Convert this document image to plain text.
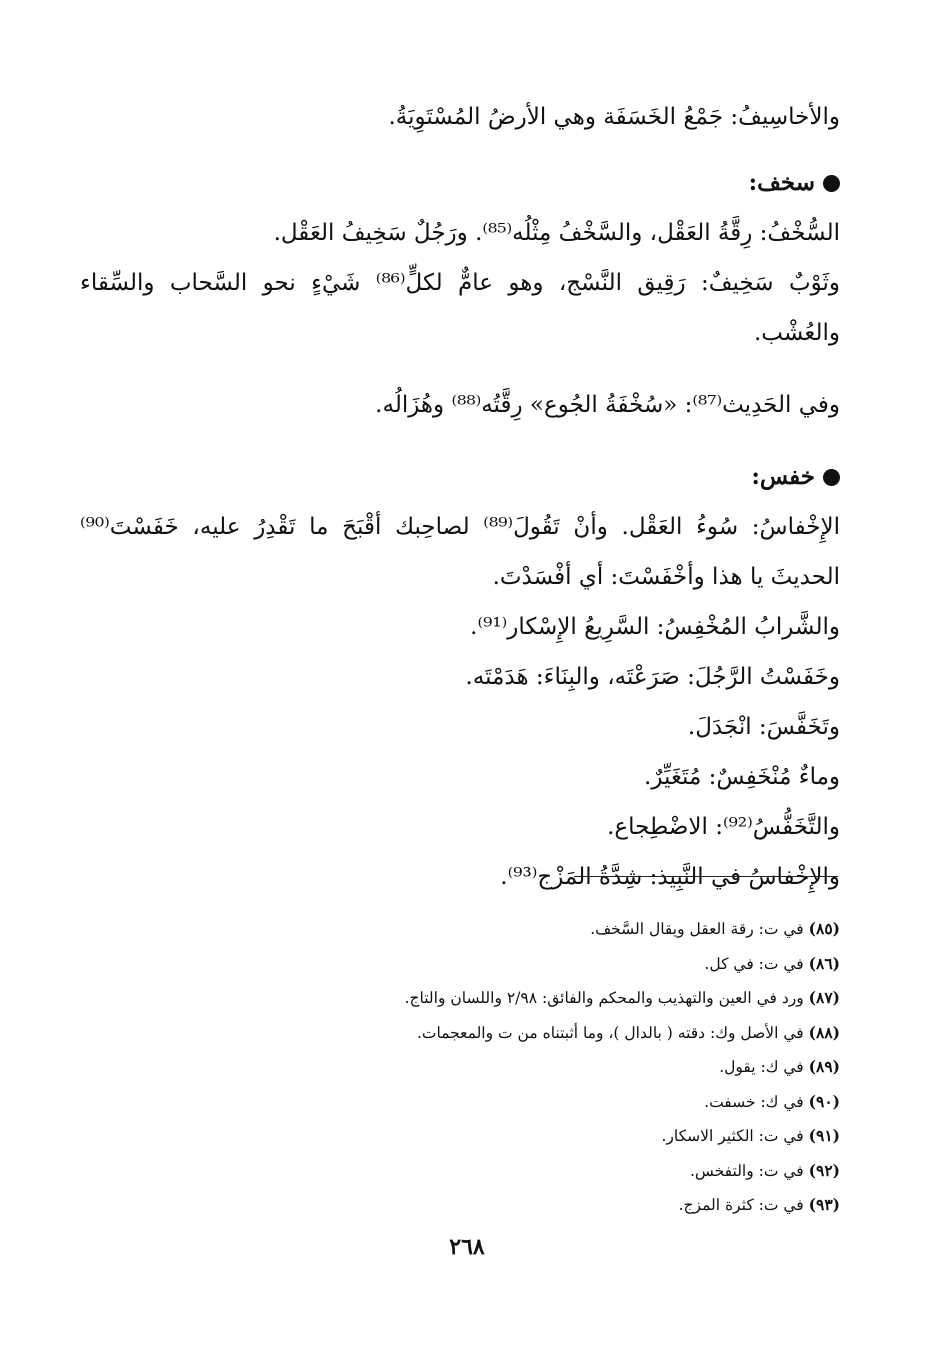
والأخاسِيفُ: جَمْعُ الخَسَفَة وهي الأرضُ المُسْتَوِيَةُ.

سخف:

السُّخْفُ: رِقَّةُ العَقْل، والسَّخْفُ مِثْلُه⁽⁸⁵⁾. ورَجُلٌ سَخِيفُ العَقْل.

وثَوْبٌ سَخِيفٌ: رَقِيق النَّسْج، وهو عامٌّ لكلٍّ⁽⁸⁶⁾ شَيْءٍ نحو السَّحاب والسِّقاء والعُشْب.

وفي الحَدِيث⁽⁸⁷⁾: «سُخْفَةُ الجُوع» رِقَّتُه⁽⁸⁸⁾ وهُزَالُه.

خفس:

الإِخْفاسُ: سُوءُ العَقْل. وأنْ تَقُولَ⁽⁸⁹⁾ لصاحِبك أقْبَحَ ما تَقْدِرُ عليه، خَفَسْتَ⁽⁹⁰⁾ الحديثَ يا هذا وأخْفَسْتَ: أي أفْسَدْتَ.

والشَّرابُ المُخْفِسُ: السَّرِيعُ الإِسْكار⁽⁹¹⁾.

وخَفَسْتُ الرَّجُلَ: صَرَعْتَه، والبِنَاءَ: هَدَمْتَه.

وتَخَفَّسَ: انْجَدَلَ.

وماءٌ مُنْخَفِسٌ: مُتَغَيِّرٌ.

والتَّخَفُّسُ⁽⁹²⁾: الاضْطِجاع.

والإِخْفاسُ في النَّبِيذ: شِدَّةُ المَزْج⁽⁹³⁾.

(٨٥) في ت: رقة العقل ويقال السَّخف.

(٨٦) في ت: في كل.

(٨٧) ورد في العين والتهذيب والمحكم والفائق: ٢/٩٨ واللسان والتاج.

(٨٨) في الأصل وك: دقته ( بالدال )، وما أثبتناه من ت والمعجمات.

(٨٩) في ك: يقول.

(٩٠) في ك: خسفت.

(٩١) في ت: الكثير الاسكار.

(٩٢) في ت: والتفخس.

(٩٣) في ت: كثرة المزج.

٢٦٨
